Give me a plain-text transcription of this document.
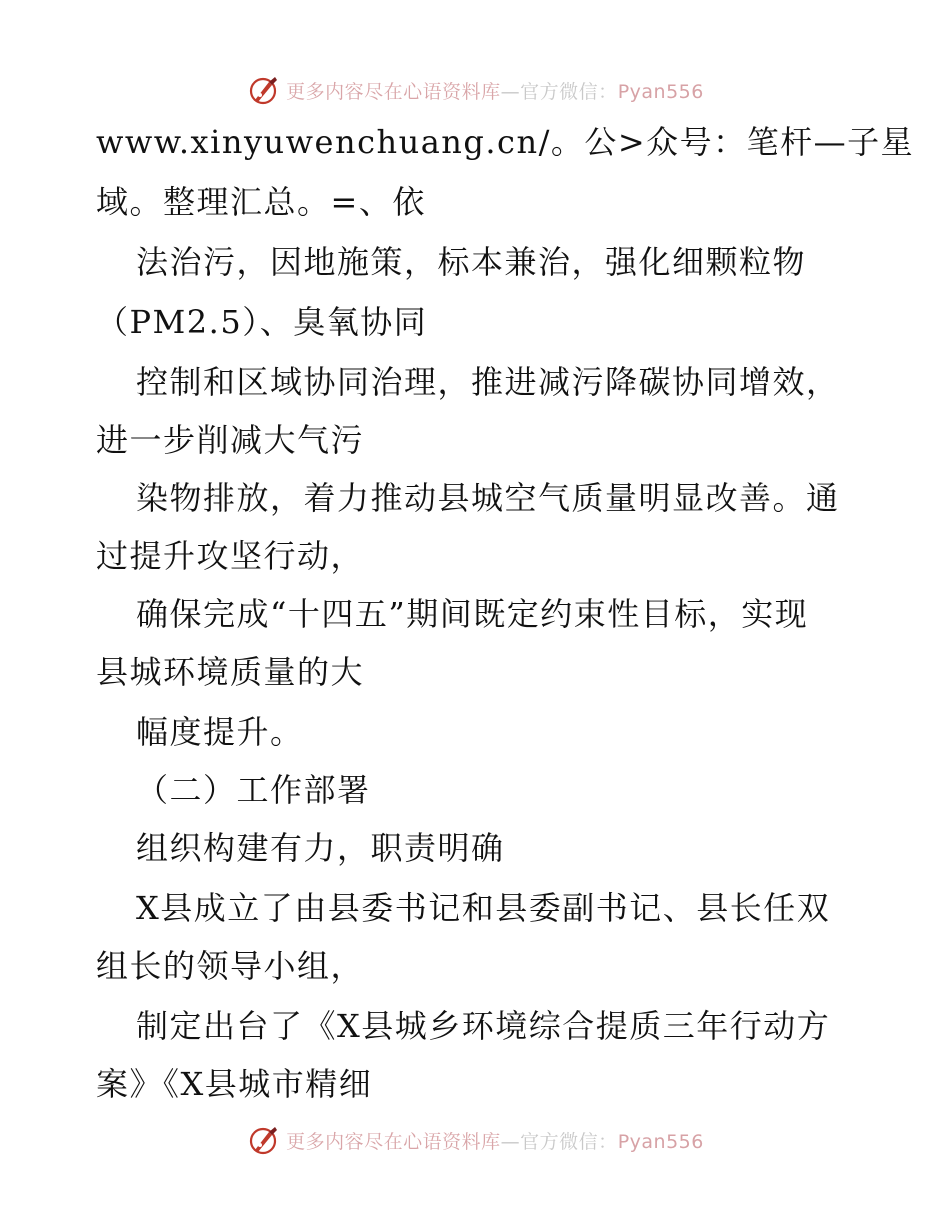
更多内容尽在心语资料库—官方微信：Pyan556
www.xinyuwenchuang.cn/。公>众号：笔杆—子星
域。整理汇总。=、依
法治污，因地施策，标本兼治，强化细颗粒物
（PM2.5）、臭氧协同
控制和区域协同治理，推进减污降碳协同增效，
进一步削减大气污
染物排放，着力推动县城空气质量明显改善。通
过提升攻坚行动，
确保完成“十四五”期间既定约束性目标，实现
县城环境质量的大
幅度提升。
（二）工作部署
组织构建有力，职责明确
X县成立了由县委书记和县委副书记、县长任双
组长的领导小组，
制定出台了《X县城乡环境综合提质三年行动方
案》《X县城市精细
更多内容尽在心语资料库—官方微信：Pyan556
